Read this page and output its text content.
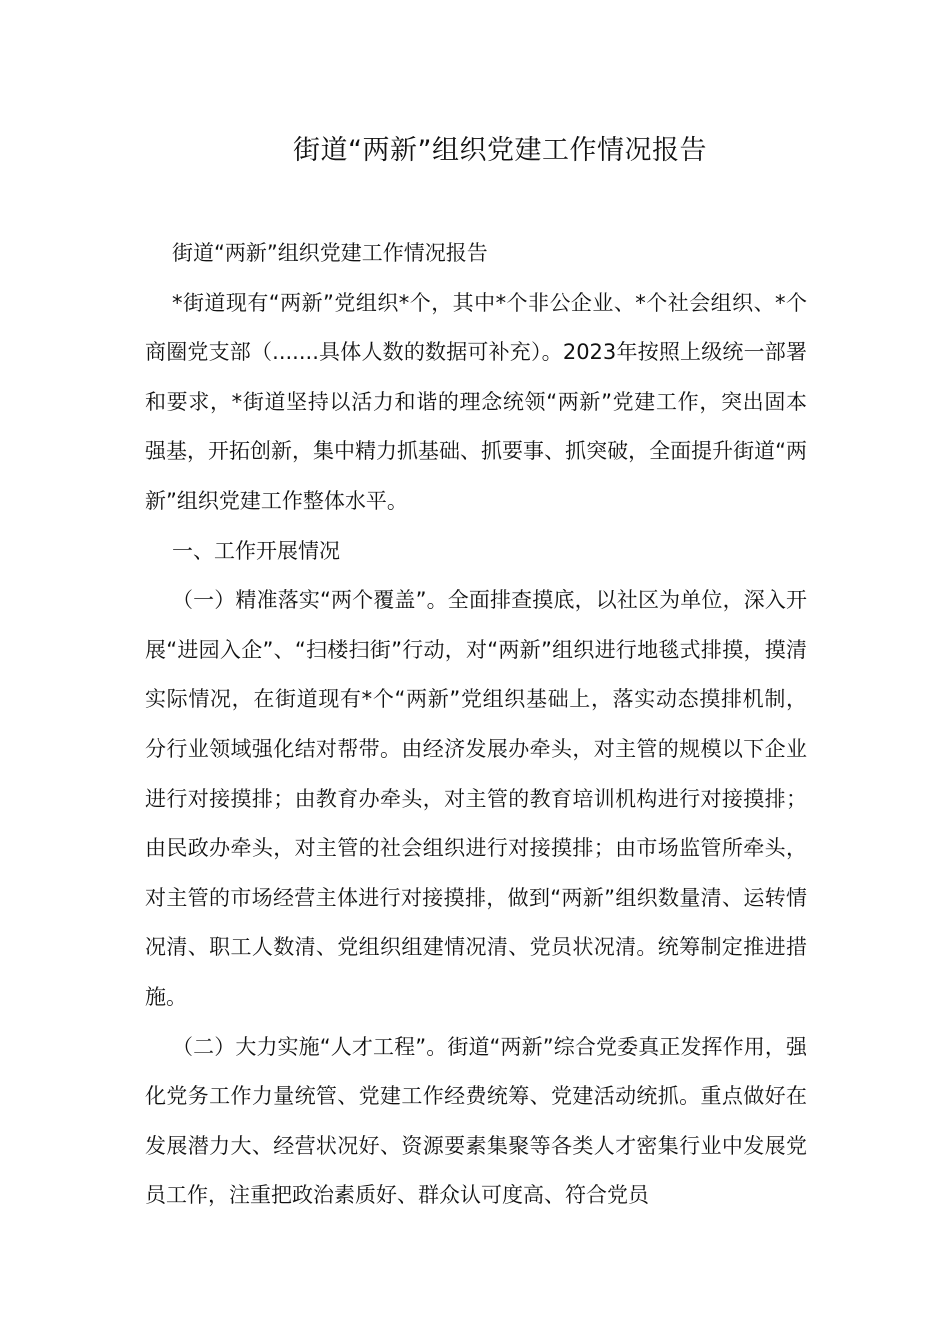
街道“两新”组织党建工作情况报告

街道“两新”组织党建工作情况报告

*街道现有“两新”党组织*个，其中*个非公企业、*个社会组织、*个商圈党支部（.......具体人数的数据可补充）。2023年按照上级统一部署和要求，*街道坚持以活力和谐的理念统领“两新”党建工作，突出固本强基，开拓创新，集中精力抓基础、抓要事、抓突破，全面提升街道“两新”组织党建工作整体水平。

一、工作开展情况

（一）精准落实“两个覆盖”。全面排查摸底，以社区为单位，深入开展“进园入企”、“扫楼扫街”行动，对“两新”组织进行地毯式排摸，摸清实际情况，在街道现有*个“两新”党组织基础上，落实动态摸排机制，分行业领域强化结对帮带。由经济发展办牵头，对主管的规模以下企业进行对接摸排；由教育办牵头，对主管的教育培训机构进行对接摸排；由民政办牵头，对主管的社会组织进行对接摸排；由市场监管所牵头，对主管的市场经营主体进行对接摸排，做到“两新”组织数量清、运转情况清、职工人数清、党组织组建情况清、党员状况清。统筹制定推进措施。

（二）大力实施“人才工程”。街道“两新”综合党委真正发挥作用，强化党务工作力量统管、党建工作经费统筹、党建活动统抓。重点做好在发展潜力大、经营状况好、资源要素集聚等各类人才密集行业中发展党员工作，注重把政治素质好、群众认可度高、符合党员
